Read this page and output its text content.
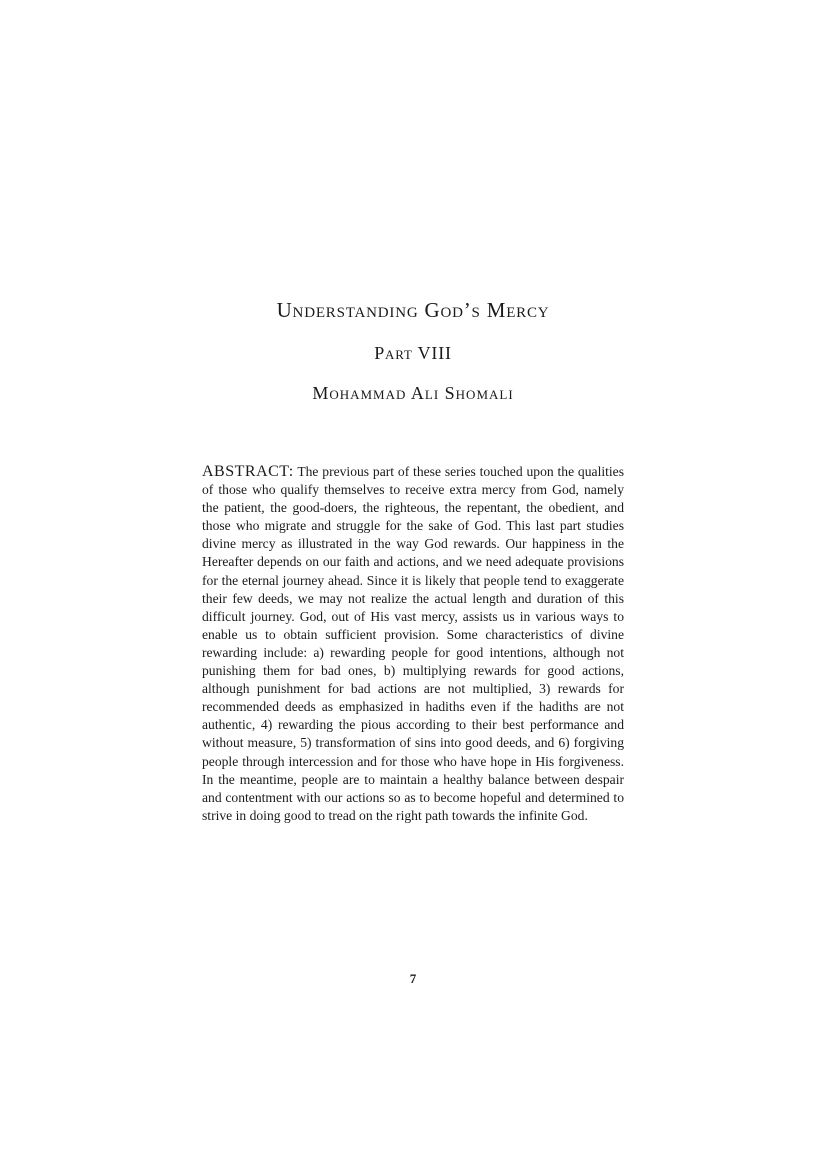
Understanding God’s Mercy
Part VIII
Mohammad Ali Shomali
ABSTRACT: The previous part of these series touched upon the qualities of those who qualify themselves to receive extra mercy from God, namely the patient, the good-doers, the righteous, the repentant, the obedient, and those who migrate and struggle for the sake of God. This last part studies divine mercy as illustrated in the way God rewards. Our happiness in the Hereafter depends on our faith and actions, and we need adequate provisions for the eternal journey ahead. Since it is likely that people tend to exaggerate their few deeds, we may not realize the actual length and duration of this difficult journey. God, out of His vast mercy, assists us in various ways to enable us to obtain sufficient provision. Some characteristics of divine rewarding include: a) rewarding people for good intentions, although not punishing them for bad ones, b) multiplying rewards for good actions, although punishment for bad actions are not multiplied, 3) rewards for recommended deeds as emphasized in hadiths even if the hadiths are not authentic, 4) rewarding the pious according to their best performance and without measure, 5) transformation of sins into good deeds, and 6) forgiving people through intercession and for those who have hope in His forgiveness. In the meantime, people are to maintain a healthy balance between despair and contentment with our actions so as to become hopeful and determined to strive in doing good to tread on the right path towards the infinite God.
7
